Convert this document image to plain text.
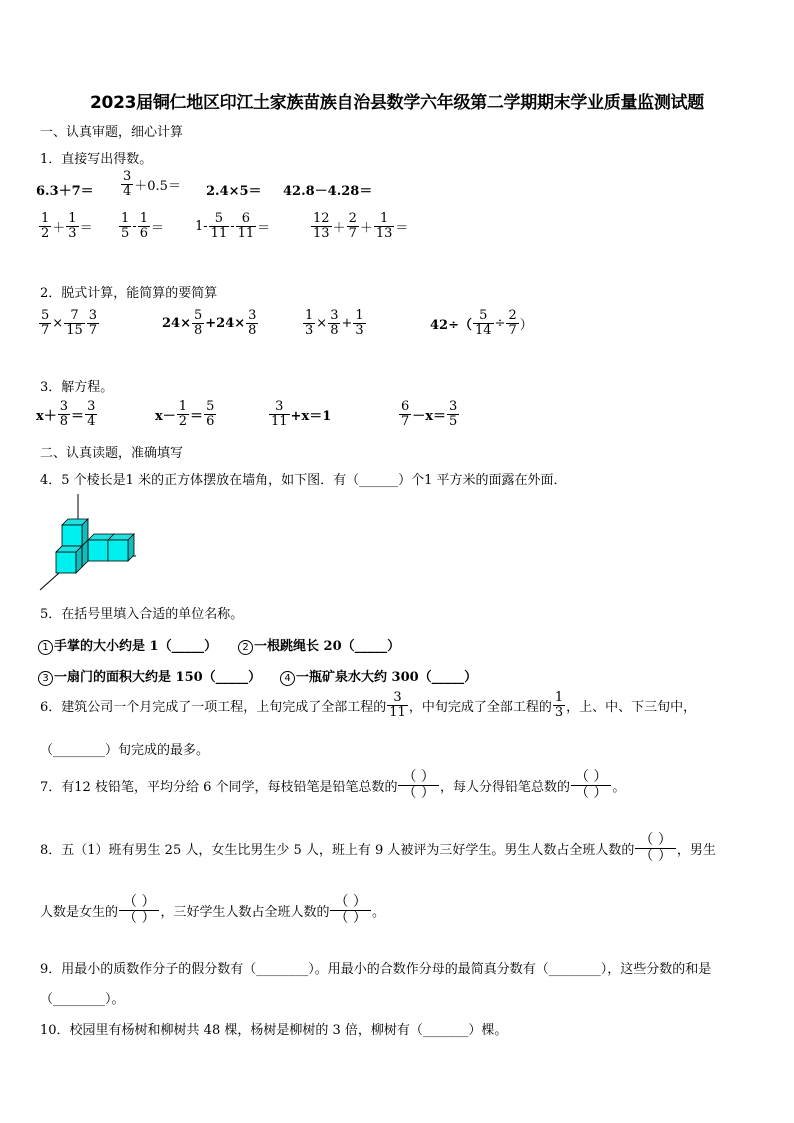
2023届铜仁地区印江土家族苗族自治县数学六年级第二学期期末学业质量监测试题
一、认真审题，细心计算
1．直接写出得数。
$6.3+7= \frac{3}{4} +0.5= 2.4\times 5= 42.8-4.28=$
$\frac{1}{2} + \frac{1}{3} = \frac{1}{5} - \frac{1}{6} = 1- \frac{5}{11} - \frac{6}{11}$ ＝	$\frac{12}{13} + \frac{2}{7} + \frac{1}{13}$ ＝
2．脱式计算，能简算的要简算
$\frac{5}{7} \times \frac{7}{15} \frac{3}{7}$	$24\times \frac{5}{8} +24\times \frac{3}{8}$	$\frac{1}{3} \times \frac{3}{8} + \frac{1}{3}$	$42\div( \frac{5}{14} \div \frac{2}{7}$ ）
3．解方程。
$x+ \frac{3}{8} = \frac{3}{4}$	$x- \frac{1}{2} = \frac{5}{6}$	$\frac{3}{11} +x=1$	$\frac{6}{7} -x= \frac{3}{5}$
二、认真读题，准确填写
4．5 个棱长是1 米的正方体摆放在墙角，如下图．有（______）个1 平方米的面露在外面．
5．在括号里填入合适的单位名称。
1 手掌的大小约是 1（_____）	2 一根跳绳长 20（_____）
3 一扇门的面积大约是 150（_____）	4 一瓶矿泉水大约 300（_____）
6．建筑公司一个月完成了一项工程，上旬完成了全部工程的 $\frac{3}{11}$ ，中旬完成了全部工程的 $\frac{1}{3}$ ，上、中、下三旬中，
（________）旬完成的最多。
7．有12 枝铅笔，平均分给 6 个同学，每枝铅笔是铅笔总数的 $\frac{( )}{( )}$ ，每人分得铅笔总数的 $\frac{( )}{( )}$ 。
8．五（1）班有男生 25 人，女生比男生少 5 人，班上有 9 人被评为三好学生。男生人数占全班人数的 $\frac{( )}{( )}$ ，男生
人数是女生的 $\frac{( )}{( )}$ ，三好学生人数占全班人数的 $\frac{( )}{( )}$ 。
9．用最小的质数作分子的假分数有（________）。用最小的合数作分母的最简真分数有（________），这些分数的和是
（________）。
10．校园里有杨树和柳树共 48 棵，杨树是柳树的 3 倍，柳树有（_______）棵。
